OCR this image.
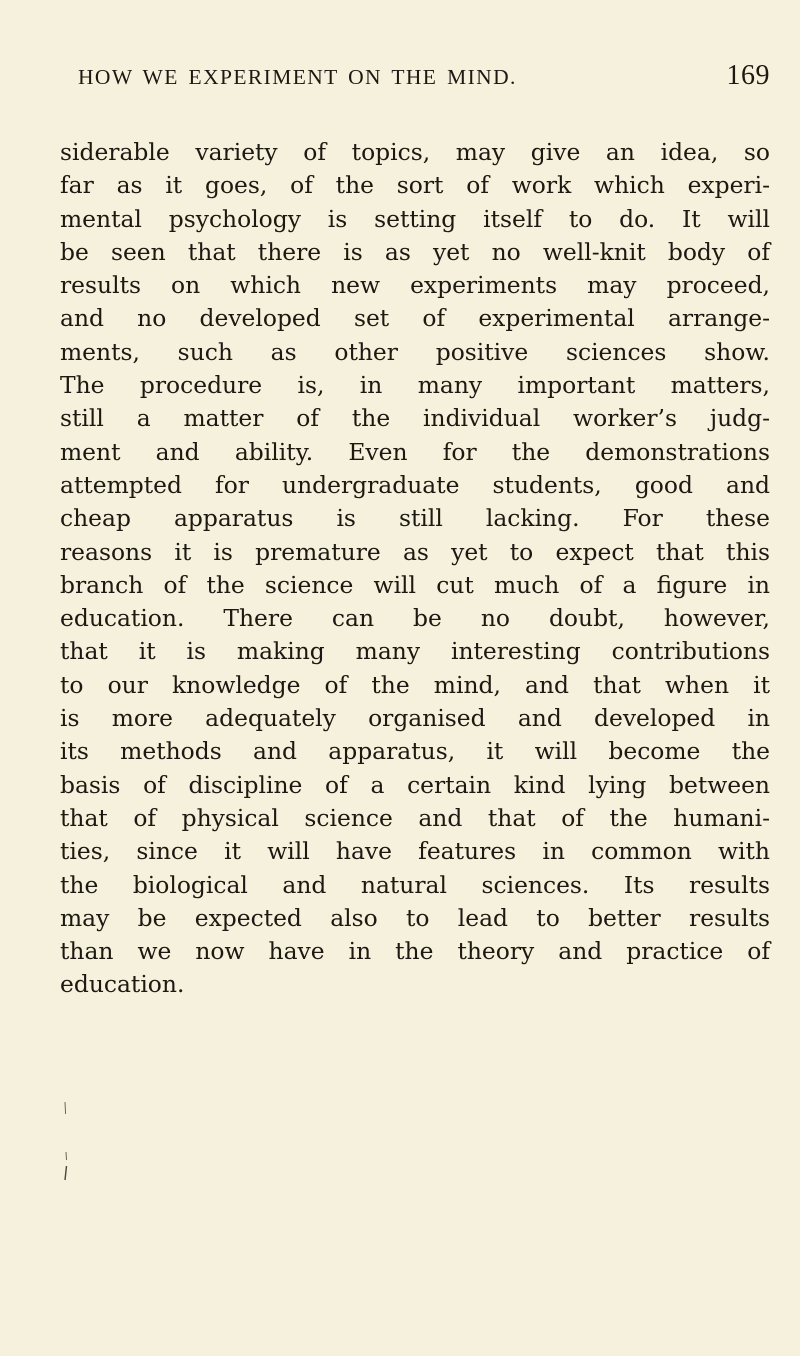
HOW WE EXPERIMENT ON THE MIND.	169
siderable variety of topics, may give an idea, so
far as it goes, of the sort of work which experi-
mental psychology is setting itself to do. It will
be seen that there is as yet no well-knit body of
results on which new experiments may proceed,
and no developed set of experimental arrange-
ments, such as other positive sciences show.
The procedure is, in many important matters,
still a matter of the individual worker’s judg-
ment and ability. Even for the demonstrations
attempted for undergraduate students, good and
cheap apparatus is still lacking. For these
reasons it is premature as yet to expect that this
branch of the science will cut much of a figure in
education. There can be no doubt, however,
that it is making many interesting contributions
to our knowledge of the mind, and that when it
is more adequately organised and developed in
its methods and apparatus, it will become the
basis of discipline of a certain kind lying between
that of physical science and that of the humani-
ties, since it will have features in common with
the biological and natural sciences. Its results
may be expected also to lead to better results
than we now have in the theory and practice of
education.
